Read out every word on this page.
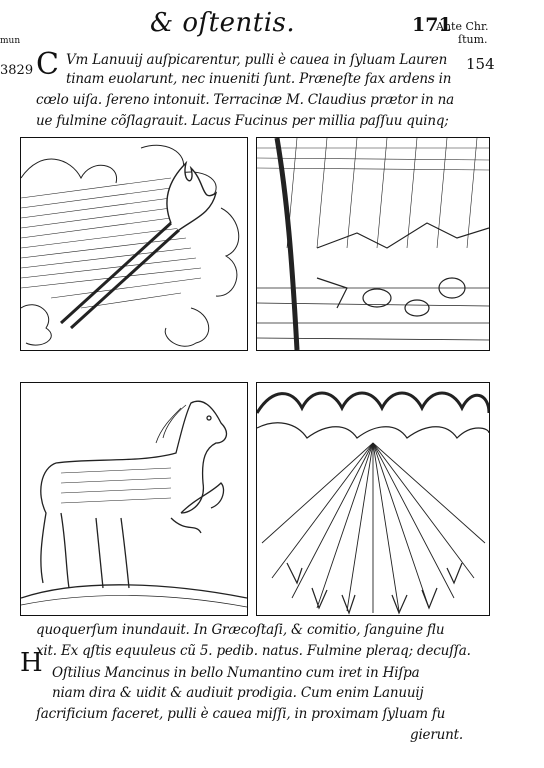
& oſtentis.	171
Ante Chr.
ſtum.
154
mun
3829 C Vm Lanuuij auſpicarentur, pulli è cauea in ſyluam Lauren
tinam euolarunt, nec inueniti ſunt. Præneſte fax ardens in
cœlo uiſa. ſereno intonuit. Terracinæ M. Claudius prætor in na
ue fulmine cõſlagrauit. Lacus Fucinus per millia paſſuu quinq;
quoquerſum inundauit. In Græcoſtaſi, & comitio, ſanguine flu
xit. Ex qſtis equuleus cũ 5. pedib. natus. Fulmine pleraq; decuſſa.
H Oſtilius Mancinus in bello Numantino cum iret in Hiſpa
niam dira & uidit & audiuit prodigia. Cum enim Lanuuij
ſacrificium faceret, pulli è cauea miſſi, in proximam ſyluam fu
gierunt.
